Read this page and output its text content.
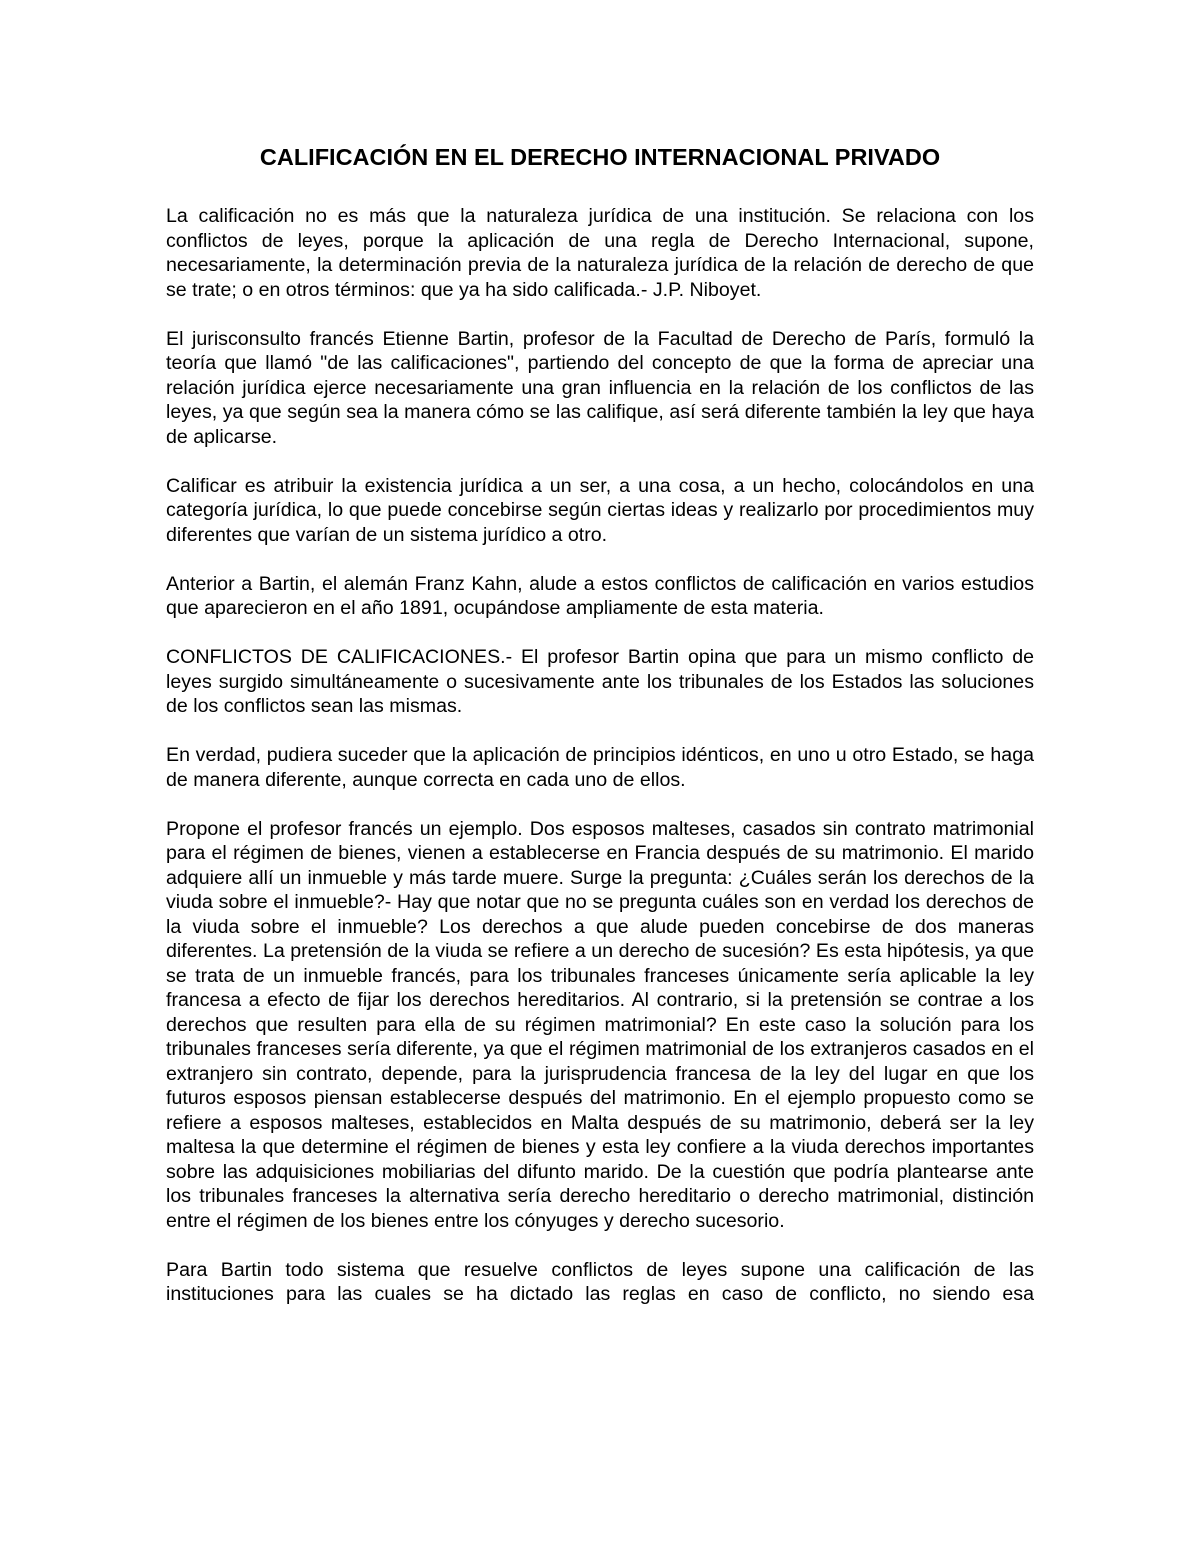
CALIFICACIÓN EN EL DERECHO INTERNACIONAL PRIVADO

La calificación no es más que la naturaleza jurídica de una institución. Se relaciona con los conflictos de leyes, porque la aplicación de una regla de Derecho Internacional, supone, necesariamente, la determinación previa de la naturaleza jurídica de la relación de derecho de que se trate; o en otros términos: que ya ha sido calificada.- J.P. Niboyet.

El jurisconsulto francés Etienne Bartin, profesor de la Facultad de Derecho de París, formuló la teoría que llamó "de las calificaciones", partiendo del concepto de que la forma de apreciar una relación jurídica ejerce necesariamente una gran influencia en la relación de los conflictos de las leyes, ya que según sea la manera cómo se las califique, así será diferente también la ley que haya de aplicarse.

Calificar es atribuir la existencia jurídica a un ser, a una cosa, a un hecho, colocándolos en una categoría jurídica, lo que puede concebirse según ciertas ideas y realizarlo por procedimientos muy diferentes que varían de un sistema jurídico a otro.

Anterior a Bartin, el alemán Franz Kahn, alude a estos conflictos de calificación en varios estudios que aparecieron en el año 1891, ocupándose ampliamente de esta materia.

CONFLICTOS DE CALIFICACIONES.- El profesor Bartin opina que para un mismo conflicto de leyes surgido simultáneamente o sucesivamente ante los tribunales de los Estados las soluciones de los conflictos sean las mismas.

En verdad, pudiera suceder que la aplicación de principios idénticos, en uno u otro Estado, se haga de manera diferente, aunque correcta en cada uno de ellos.

Propone el profesor francés un ejemplo. Dos esposos malteses, casados sin contrato matrimonial para el régimen de bienes, vienen a establecerse en Francia después de su matrimonio. El marido adquiere allí un inmueble y más tarde muere. Surge la pregunta: ¿Cuáles serán los derechos de la viuda sobre el inmueble?- Hay que notar que no se pregunta cuáles son en verdad los derechos de la viuda sobre el inmueble? Los derechos a que alude pueden concebirse de dos maneras diferentes. La pretensión de la viuda se refiere a un derecho de sucesión? Es esta hipótesis, ya que se trata de un inmueble francés, para los tribunales franceses únicamente sería aplicable la ley francesa a efecto de fijar los derechos hereditarios. Al contrario, si la pretensión se contrae a los derechos que resulten para ella de su régimen matrimonial? En este caso la solución para los tribunales franceses sería diferente, ya que el régimen matrimonial de los extranjeros casados en el extranjero sin contrato, depende, para la jurisprudencia francesa de la ley del lugar en que los futuros esposos piensan establecerse después del matrimonio. En el ejemplo propuesto como se refiere a esposos malteses, establecidos en Malta después de su matrimonio, deberá ser la ley maltesa la que determine el régimen de bienes y esta ley confiere a la viuda derechos importantes sobre las adquisiciones mobiliarias del difunto marido. De la cuestión que podría plantearse ante los tribunales franceses la alternativa sería derecho hereditario o derecho matrimonial, distinción entre el régimen de los bienes entre los cónyuges y derecho sucesorio.

Para Bartin todo sistema que resuelve conflictos de leyes supone una calificación de las instituciones para las cuales se ha dictado las reglas en caso de conflicto, no siendo esa
